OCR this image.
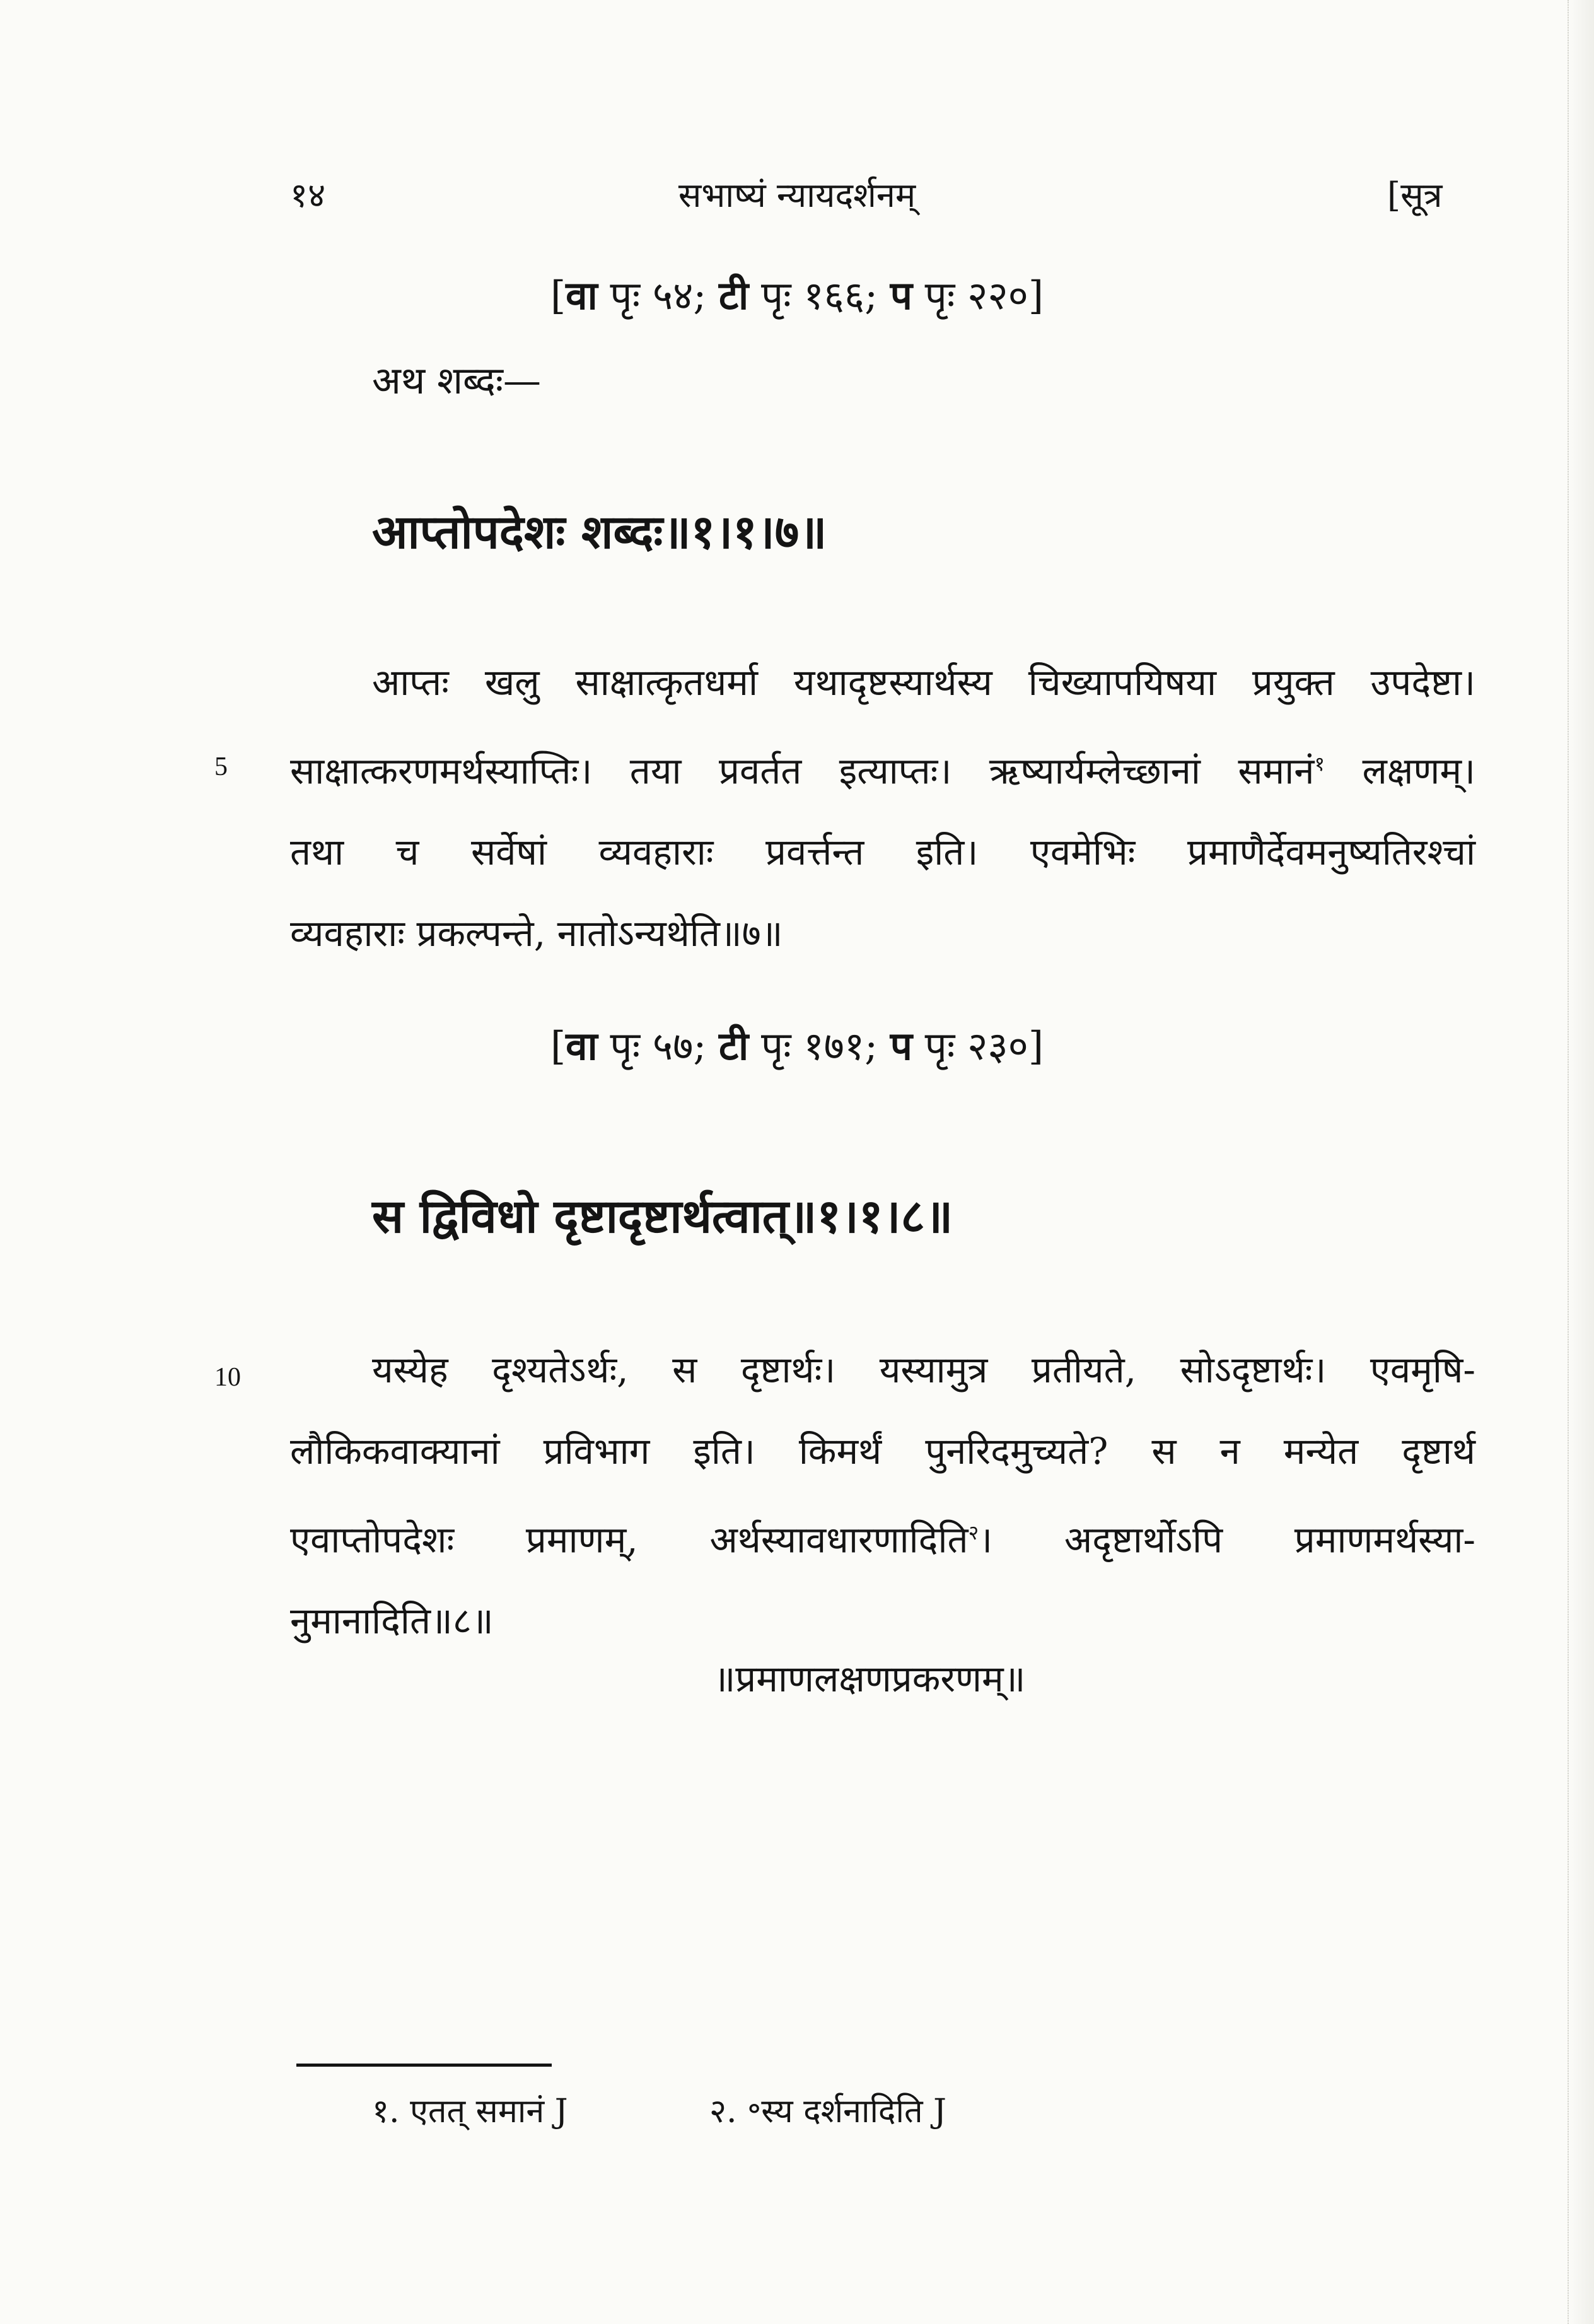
१४	सभाष्यं न्यायदर्शनम्	[सूत्र
[वा पृः ५४; टी पृः १६६; प पृः २२०]
अथ शब्दः—
आप्तोपदेशः शब्दः॥१।१।७॥
आप्तः खलु साक्षात्कृतधर्मा यथादृष्टस्यार्थस्य चिख्यापयिषया प्रयुक्त उपदेष्टा।
साक्षात्करणमर्थस्याप्तिः। तया प्रवर्तत इत्याप्तः। ऋष्यार्यम्लेच्छानां समानं$^१$ लक्षणम्।
तथा च सर्वेषां व्यवहाराः प्रवर्त्तन्त इति। एवमेभिः प्रमाणैर्देवमनुष्यतिरश्चां
व्यवहाराः प्रकल्पन्ते, नातोऽन्यथेति॥७॥
5
[वा पृः ५७; टी पृः १७१; प पृः २३०]
स द्विविधो दृष्टादृष्टार्थत्वात्॥१।१।८॥
यस्येह दृश्यतेऽर्थः, स दृष्टार्थः। यस्यामुत्र प्रतीयते, सोऽदृष्टार्थः। एवमृषि-
लौकिकवाक्यानां प्रविभाग इति। किमर्थं पुनरिदमुच्यते? स न मन्येत दृष्टार्थ
एवाप्तोपदेशः प्रमाणम्, अर्थस्यावधारणादिति$^२$। अदृष्टार्थोऽपि प्रमाणमर्थस्या-
नुमानादिति॥८॥
10
॥प्रमाणलक्षणप्रकरणम्॥
१. एतत् समानं J	२. ॰स्य दर्शनादिति J
